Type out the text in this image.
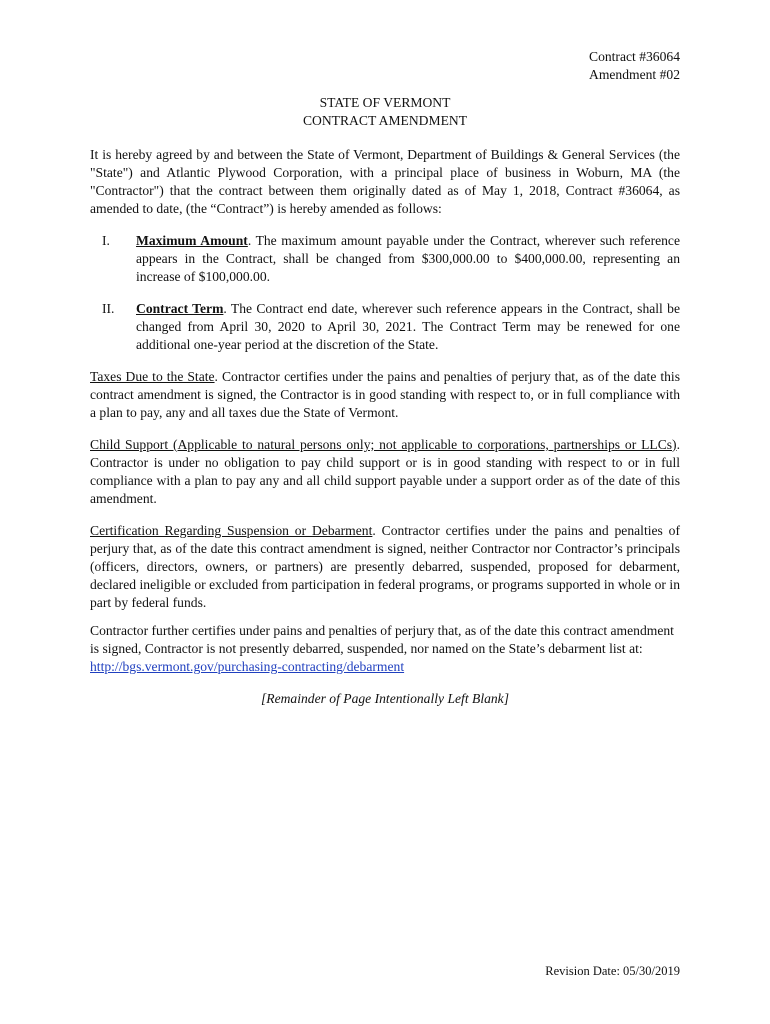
Contract #36064
Amendment #02
STATE OF VERMONT
CONTRACT AMENDMENT

It is hereby agreed by and between the State of Vermont, Department of Buildings & General Services (the "State") and Atlantic Plywood Corporation, with a principal place of business in Woburn, MA (the "Contractor") that the contract between them originally dated as of May 1, 2018, Contract #36064, as amended to date, (the “Contract”) is hereby amended as follows:

I.	Maximum Amount. The maximum amount payable under the Contract, wherever such reference appears in the Contract, shall be changed from $300,000.00 to $400,000.00, representing an increase of $100,000.00.
II.	Contract Term. The Contract end date, wherever such reference appears in the Contract, shall be changed from April 30, 2020 to April 30, 2021. The Contract Term may be renewed for one additional one-year period at the discretion of the State.

Taxes Due to the State. Contractor certifies under the pains and penalties of perjury that, as of the date this contract amendment is signed, the Contractor is in good standing with respect to, or in full compliance with a plan to pay, any and all taxes due the State of Vermont.

Child Support (Applicable to natural persons only; not applicable to corporations, partnerships or LLCs). Contractor is under no obligation to pay child support or is in good standing with respect to or in full compliance with a plan to pay any and all child support payable under a support order as of the date of this amendment.

Certification Regarding Suspension or Debarment. Contractor certifies under the pains and penalties of perjury that, as of the date this contract amendment is signed, neither Contractor nor Contractor’s principals (officers, directors, owners, or partners) are presently debarred, suspended, proposed for debarment, declared ineligible or excluded from participation in federal programs, or programs supported in whole or in part by federal funds.

Contractor further certifies under pains and penalties of perjury that, as of the date this contract amendment is signed, Contractor is not presently debarred, suspended, nor named on the State’s debarment list at: http://bgs.vermont.gov/purchasing-contracting/debarment

[Remainder of Page Intentionally Left Blank]
Revision Date: 05/30/2019
